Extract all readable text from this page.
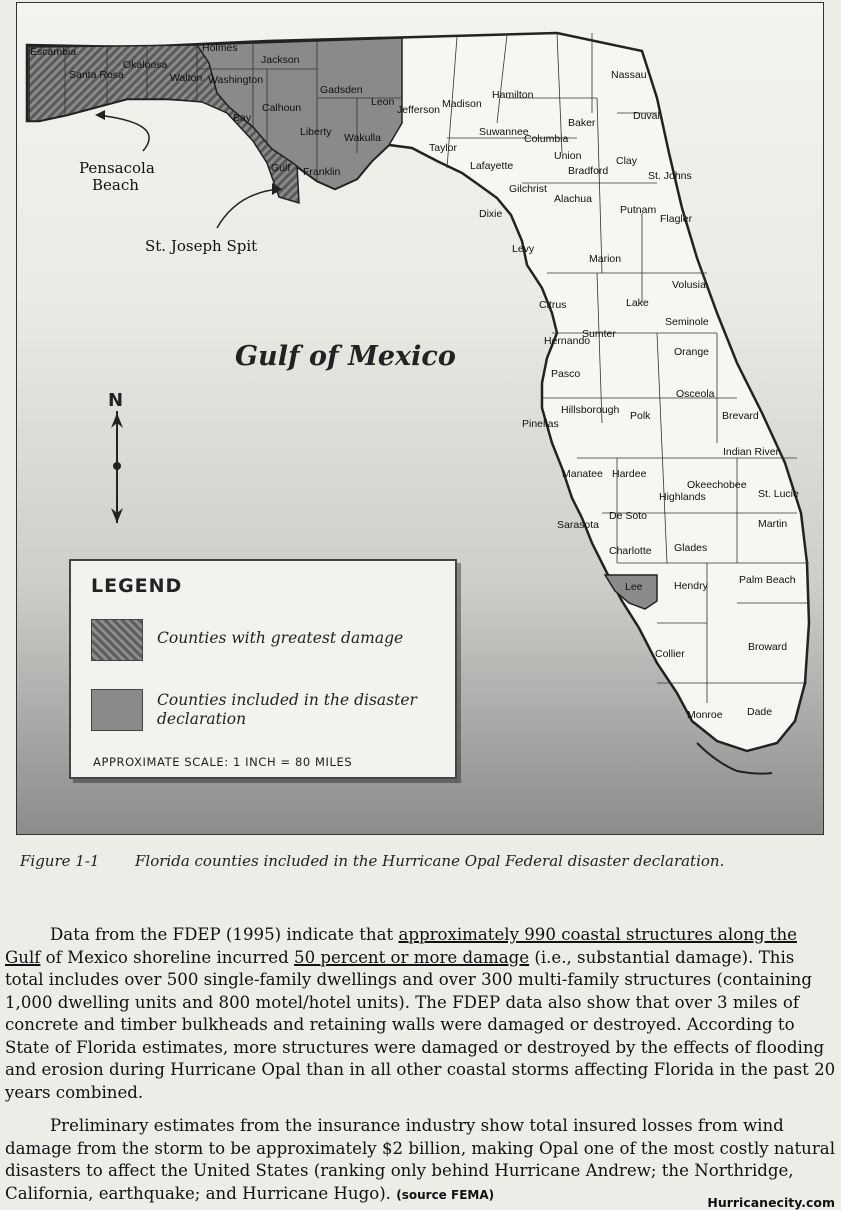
N
Gulf of Mexico
Pensacola
Beach
St. Joseph Spit
Escambia
Santa Rosa
Okaloosa
Walton
Bay
Gulf
Holmes
Jackson
Washington
Calhoun
Gadsden
Liberty
Leon
Wakulla
Franklin
Lee
Jefferson Madison
Hamilton
Suwannee
Columbia
Baker
Nassau
Duval
Taylor
Lafayette
Union
Bradford
Clay
St. Johns
Gilchrist
Alachua
Putnam
Flagler
Dixie
Levy
Marion
Volusia
Citrus	Lake
Seminole
Sumter
Hernando
Orange
Pasco
Osceola
Brevard
Hillsborough Polk
Pinellas
Indian River
Okeechobee
Manatee Hardee
Highlands	St. Lucie
Martin
De Soto
Sarasota
Charlotte Glades
Hendry	Palm Beach
Broward
Collier
Monroe Dade
LEGEND
Counties with greatest damage
Counties included in the disaster declaration
APPROXIMATE SCALE: 1 INCH = 80 MILES
Figure 1-1 Florida counties included in the Hurricane Opal Federal disaster declaration.

Data from the FDEP (1995) indicate that approximately 990 coastal structures along the Gulf of Mexico shoreline incurred 50 percent or more damage (i.e., substantial damage). This total includes over 500 single-family dwellings and over 300 multi-family structures (containing 1,000 dwelling units and 800 motel/hotel units). The FDEP data also show that over 3 miles of concrete and timber bulkheads and retaining walls were damaged or destroyed. According to State of Florida estimates, more structures were damaged or destroyed by the effects of flooding and erosion during Hurricane Opal than in all other coastal storms affecting Florida in the past 20 years combined.

Preliminary estimates from the insurance industry show total insured losses from wind damage from the storm to be approximately $2 billion, making Opal one of the most costly natural disasters to affect the United States (ranking only behind Hurricane Andrew; the Northridge, California, earthquake; and Hurricane Hugo). (source FEMA)

Hurricanecity.com
